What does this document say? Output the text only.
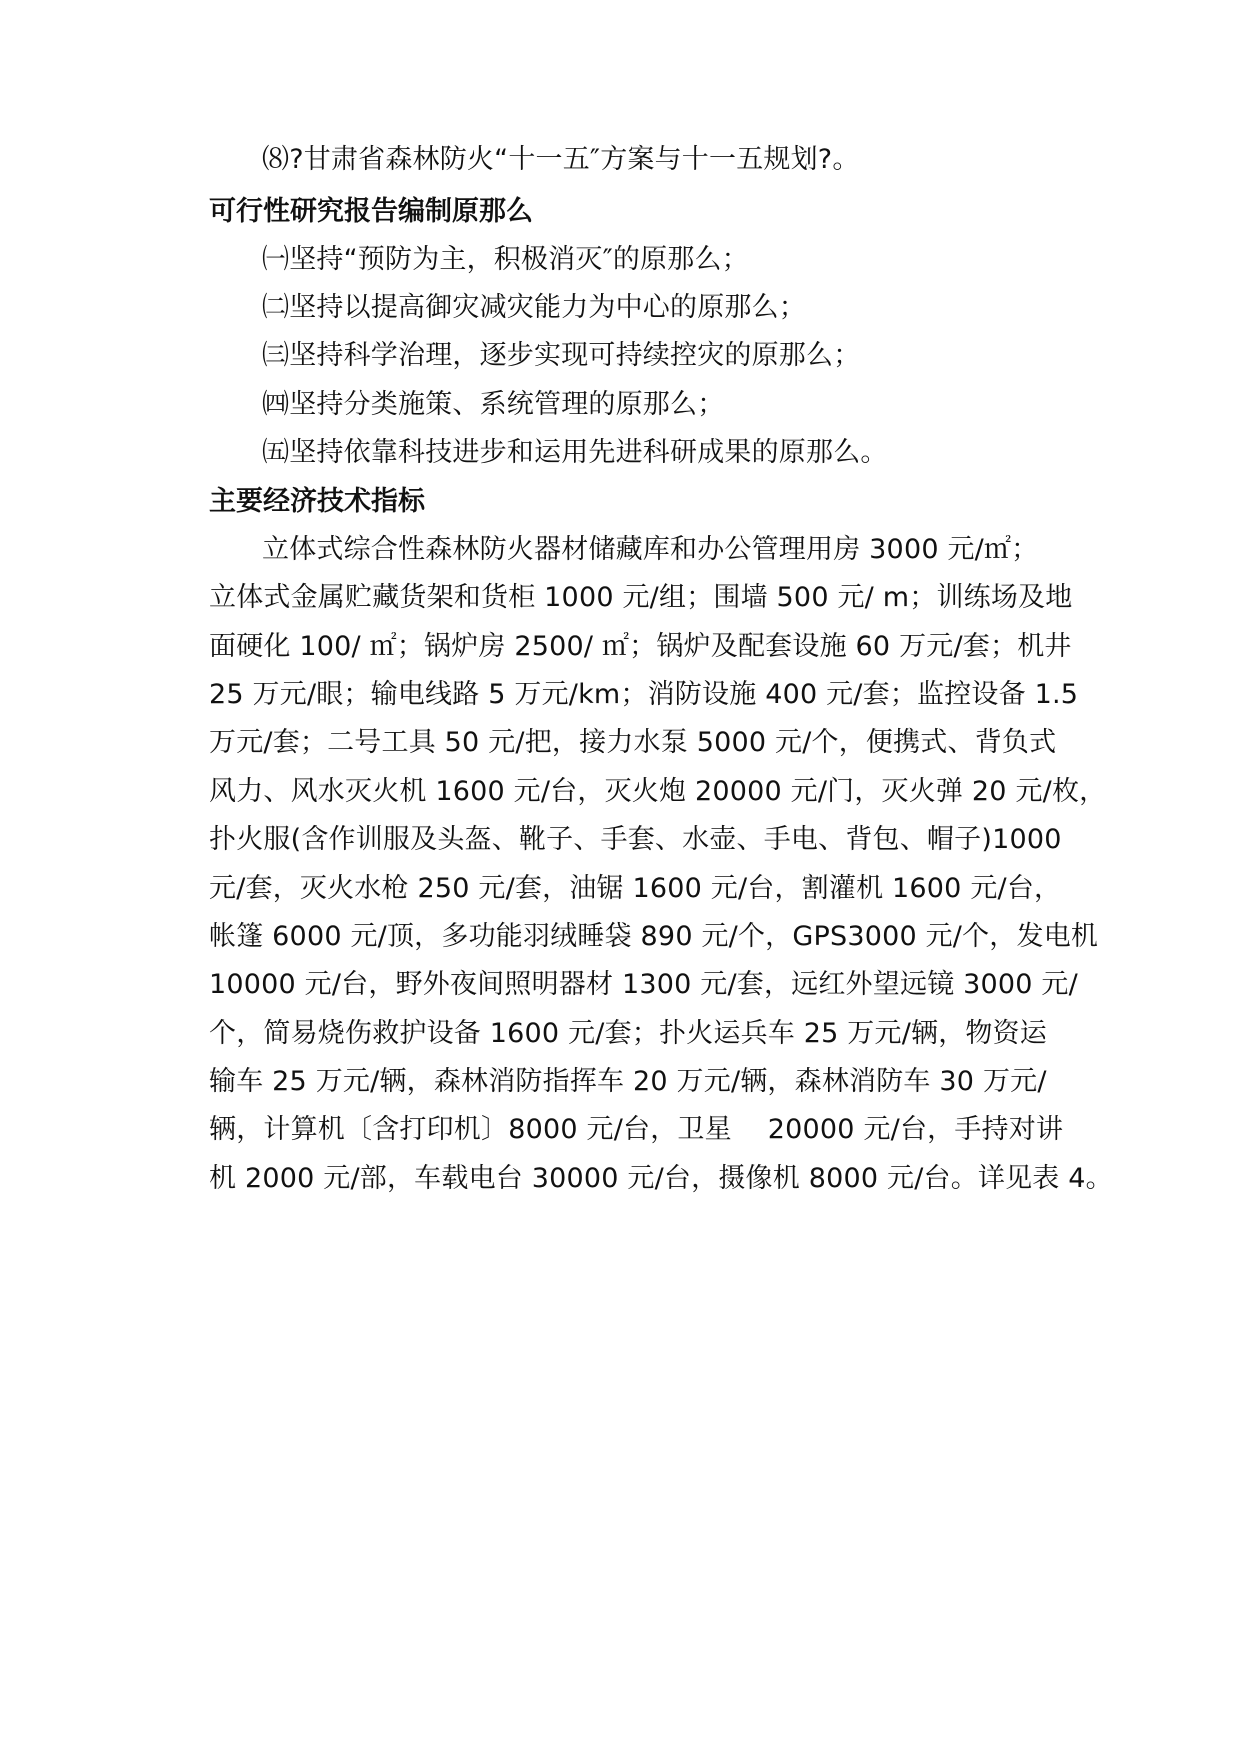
⑻?甘肃省森林防火“十一五″方案与十一五规划?。
可行性研究报告编制原那么
㈠坚持“预防为主，积极消灭″的原那么；
㈡坚持以提高御灾减灾能力为中心的原那么；
㈢坚持科学治理，逐步实现可持续控灾的原那么；
㈣坚持分类施策、系统管理的原那么；
㈤坚持依靠科技进步和运用先进科研成果的原那么。
主要经济技术指标
立体式综合性森林防火器材储藏库和办公管理用房 3000 元/㎡；
立体式金属贮藏货架和货柜 1000 元/组；围墙 500 元/ m；训练场及地
面硬化 100/ ㎡；锅炉房 2500/ ㎡；锅炉及配套设施 60 万元/套；机井
25 万元/眼；输电线路 5 万元/km；消防设施 400 元/套；监控设备 1.5
万元/套；二号工具 50 元/把，接力水泵 5000 元/个，便携式、背负式
风力、风水灭火机 1600 元/台，灭火炮 20000 元/门，灭火弹 20 元/枚，
扑火服(含作训服及头盔、靴子、手套、水壶、手电、背包、帽子)1000
元/套，灭火水枪 250 元/套，油锯 1600 元/台，割灌机 1600 元/台，
帐篷 6000 元/顶，多功能羽绒睡袋 890 元/个，GPS3000 元/个，发电机
10000 元/台，野外夜间照明器材 1300 元/套，远红外望远镜 3000 元/
个，简易烧伤救护设备 1600 元/套；扑火运兵车 25 万元/辆，物资运
输车 25 万元/辆，森林消防指挥车 20 万元/辆，森林消防车 30 万元/
辆，计算机〔含打印机〕8000 元/台，卫星　 20000 元/台，手持对讲
机 2000 元/部，车载电台 30000 元/台，摄像机 8000 元/台。详见表 4。
